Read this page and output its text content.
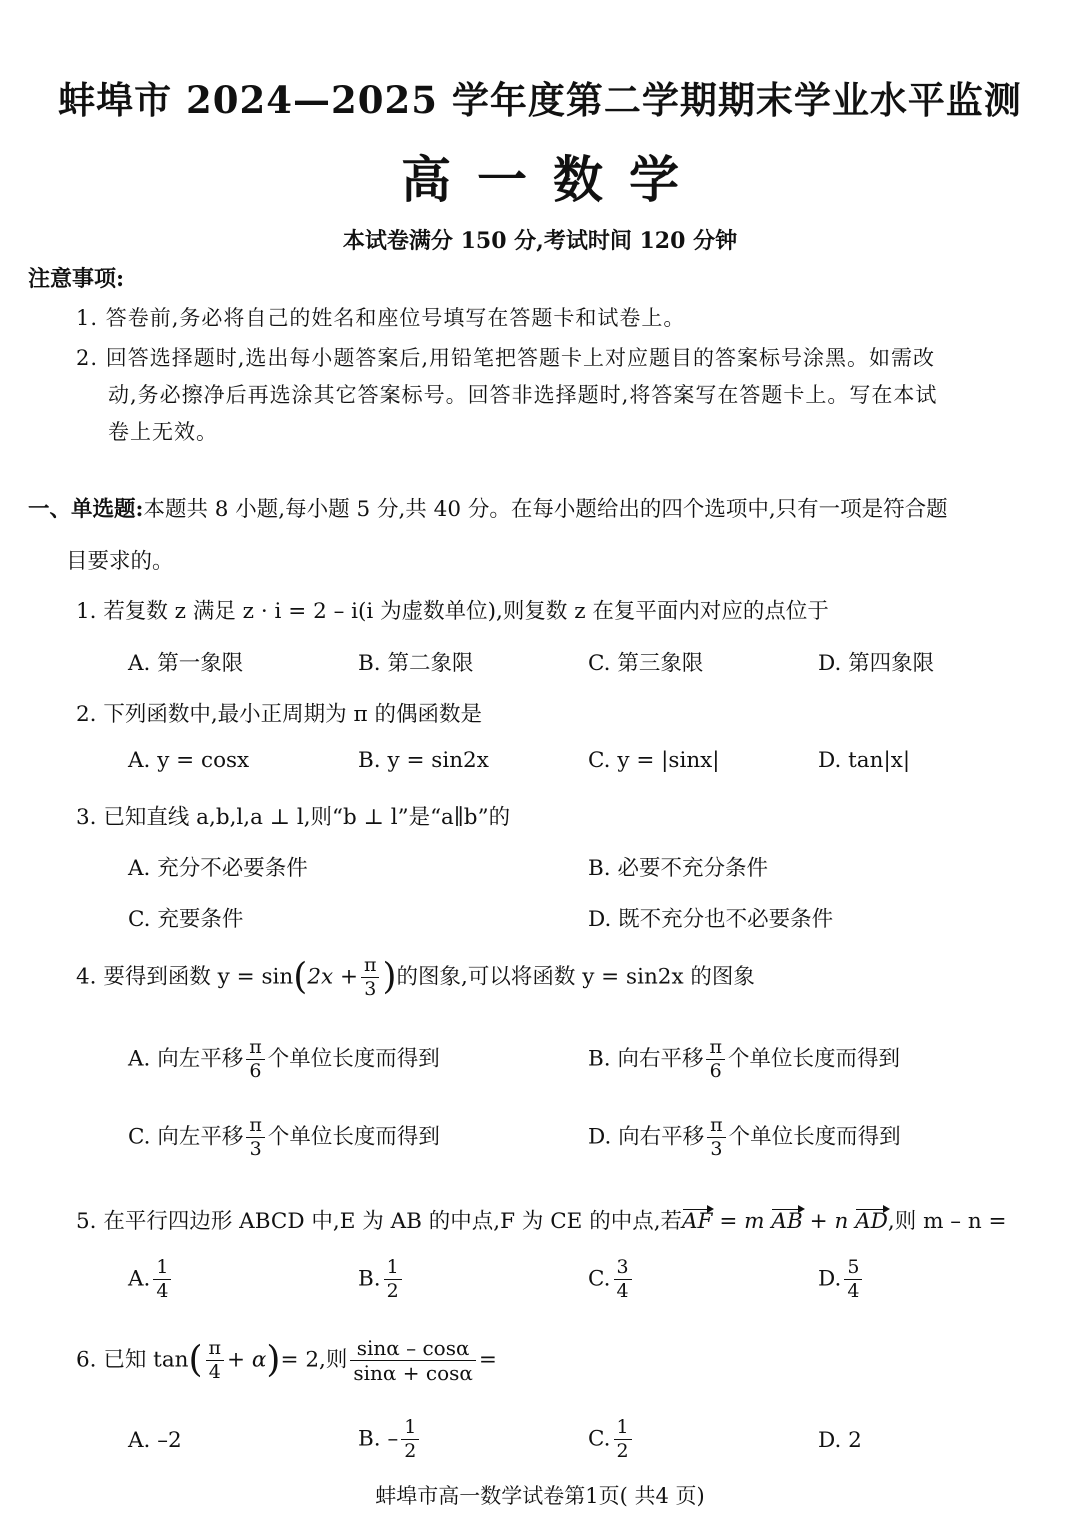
蚌埠市 2024—2025 学年度第二学期期末学业水平监测
高一数学
本试卷满分 150 分,考试时间 120 分钟
注意事项:
1. 答卷前,务必将自己的姓名和座位号填写在答题卡和试卷上。
2. 回答选择题时,选出每小题答案后,用铅笔把答题卡上对应题目的答案标号涂黑。如需改
动,务必擦净后再选涂其它答案标号。回答非选择题时,将答案写在答题卡上。写在本试
卷上无效。
一、单选题:本题共 8 小题,每小题 5 分,共 40 分。在每小题给出的四个选项中,只有一项是符合题
目要求的。
1. 若复数 z 满足 z · i = 2 – i(i 为虚数单位),则复数 z 在复平面内对应的点位于
A. 第一象限	B. 第二象限	C. 第三象限	D. 第四象限
2. 下列函数中,最小正周期为 π 的偶函数是
A. y = cosx	B. y = sin2x	C. y = |sinx|	D. tan|x|
3. 已知直线 a,b,l,a ⊥ l,则“b ⊥ l”是“a∥b”的
A. 充分不必要条件	B. 必要不充分条件
C. 充要条件	D. 既不充分也不必要条件
4. 要得到函数 $y = \sin(2x + \frac{\pi}{3}$ )的图象,可以将函数 y = sin2x 的图象
A. 向左平移 $\frac{\pi}{6}$ 个单位长度而得到	B. 向右平移 $\frac{\pi}{6}$ 个单位长度而得到
C. 向左平移 $\frac{\pi}{3}$ 个单位长度而得到	D. 向右平移 $\frac{\pi}{3}$ 个单位长度而得到
5. 在平行四边形 ABCD 中,E 为 AB 的中点,F 为 CE 的中点,若AF = m AB + n AD,则 m – n =
A. $\frac{1}{4}$	B. $\frac{1}{2}$	C. $\frac{3}{4}$	D. $\frac{5}{4}$
6. 已知 $\tan( \frac{\pi}{4} + \alpha)= 2$,则 $\frac{\sin\alpha - \cos\alpha}{\sin\alpha + \cos\alpha}$ =
A. –2	B. – $\frac{1}{2}$	C. $\frac{1}{2}$	D. 2
蚌埠市高一数学试卷第1页( 共4 页)
